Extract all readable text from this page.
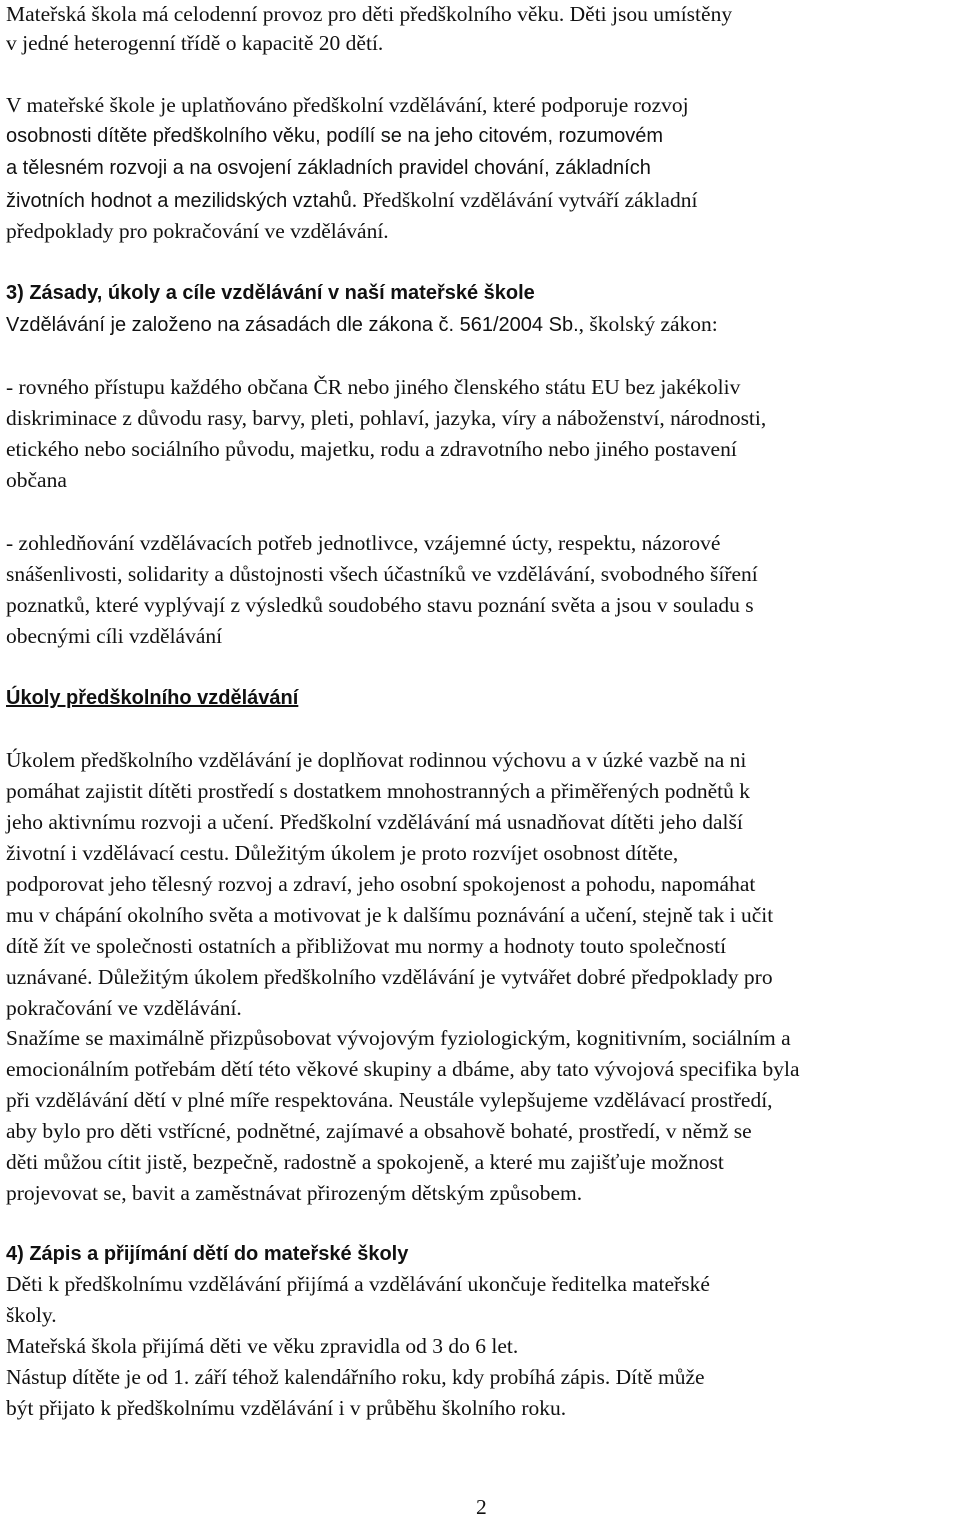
Mateřská škola má celodenní provoz pro děti předškolního věku. Děti jsou umístěny
v jedné heterogenní třídě o kapacitě 20 dětí.
V mateřské škole je uplatňováno předškolní vzdělávání, které podporuje rozvoj
osobnosti dítěte předškolního věku, podílí se na jeho citovém, rozumovém
a tělesném rozvoji a na osvojení základních pravidel chování, základních
životních hodnot a mezilidských vztahů. Předškolní vzdělávání vytváří základní
předpoklady pro pokračování ve vzdělávání.
3) Zásady, úkoly a cíle vzdělávání v naší mateřské škole
Vzdělávání je založeno na zásadách dle zákona č. 561/2004 Sb., školský zákon:
- rovného přístupu každého občana ČR nebo jiného členského státu EU bez jakékoliv
diskriminace z důvodu rasy, barvy, pleti, pohlaví, jazyka, víry a náboženství, národnosti,
etického nebo sociálního původu, majetku, rodu a zdravotního nebo jiného postavení
občana
- zohledňování vzdělávacích potřeb jednotlivce, vzájemné úcty, respektu, názorové
snášenlivosti, solidarity a důstojnosti všech účastníků ve vzdělávání, svobodného šíření
poznatků, které vyplývají z výsledků soudobého stavu poznání světa a jsou v souladu s
obecnými cíli vzdělávání
Úkoly předškolního vzdělávání
Úkolem předškolního vzdělávání je doplňovat rodinnou výchovu a v úzké vazbě na ni
pomáhat zajistit dítěti prostředí s dostatkem mnohostranných a přiměřených podnětů k
jeho aktivnímu rozvoji a učení. Předškolní vzdělávání má usnadňovat dítěti jeho další
životní i vzdělávací cestu. Důležitým úkolem je proto rozvíjet osobnost dítěte,
podporovat jeho tělesný rozvoj a zdraví, jeho osobní spokojenost a pohodu, napomáhat
mu v chápání okolního světa a motivovat je k dalšímu poznávání a učení, stejně tak i učit
dítě žít ve společnosti ostatních a přibližovat mu normy a hodnoty touto společností
uznávané. Důležitým úkolem předškolního vzdělávání je vytvářet dobré předpoklady pro
pokračování ve vzdělávání.
Snažíme se maximálně přizpůsobovat vývojovým fyziologickým, kognitivním, sociálním a
emocionálním potřebám dětí této věkové skupiny a dbáme, aby tato vývojová specifika byla
při vzdělávání dětí v plné míře respektována. Neustále vylepšujeme vzdělávací prostředí,
aby bylo pro děti vstřícné, podnětné, zajímavé a obsahově bohaté, prostředí, v němž se
děti můžou cítit jistě, bezpečně, radostně a spokojeně, a které mu zajišťuje možnost
projevovat se, bavit a zaměstnávat přirozeným dětským způsobem.
4) Zápis a přijímání dětí do mateřské školy
Děti k předškolnímu vzdělávání přijímá a vzdělávání ukončuje ředitelka mateřské
školy.
Mateřská škola přijímá děti ve věku zpravidla od 3 do 6 let.
Nástup dítěte je od 1. září téhož kalendářního roku, kdy probíhá zápis. Dítě může
být přijato k předškolnímu vzdělávání i v průběhu školního roku.
2
